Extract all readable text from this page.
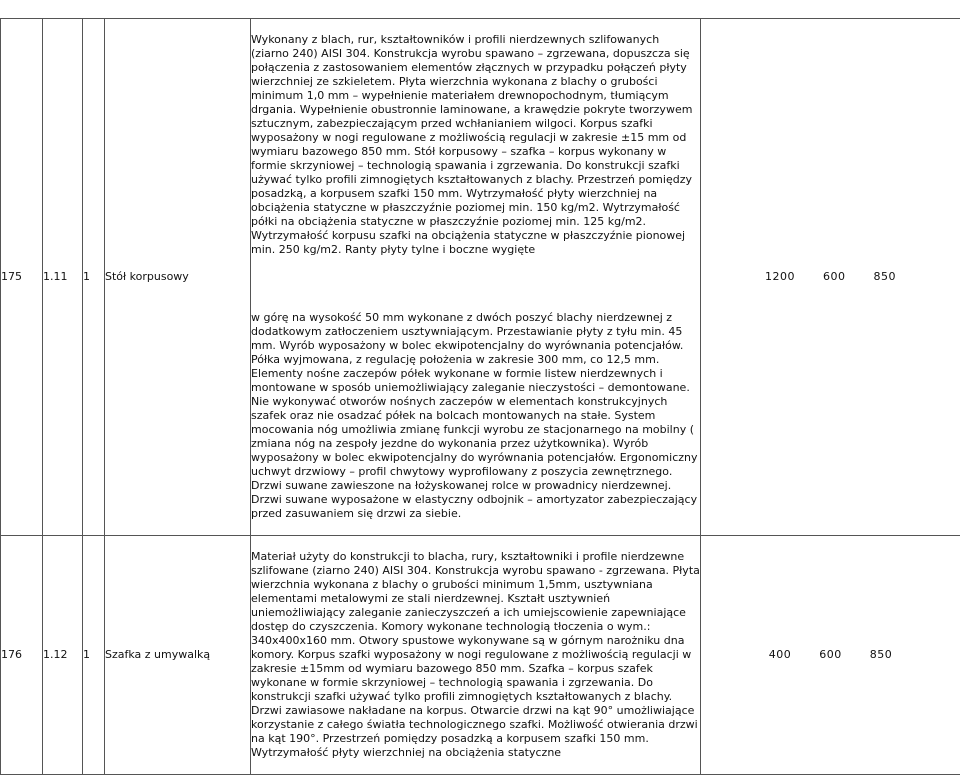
175	1.11	1	Stół korpusowy	Wykonany z blach, rur, kształtowników i profili nierdzewnych szlifowanych (ziarno 240) AISI 304. Konstrukcja wyrobu spawano – zgrzewana, dopuszcza się połączenia z zastosowaniem elementów złącznych w przypadku połączeń płyty wierzchniej ze szkieletem. Płyta wierzchnia wykonana z blachy o grubości minimum 1,0 mm – wypełnienie materiałem drewnopochodnym, tłumiącym drgania. Wypełnienie obustronnie laminowane, a krawędzie pokryte tworzywem sztucznym, zabezpieczającym przed wchłanianiem wilgoci. Korpus szafki wyposażony w nogi regulowane z możliwością regulacji w zakresie ±15 mm od wymiaru bazowego 850 mm. Stół korpusowy – szafka – korpus wykonany w formie skrzyniowej – technologią spawania i zgrzewania. Do konstrukcji szafki używać tylko profili zimnogiętych kształtowanych z blachy. Przestrzeń pomiędzy posadzką, a korpusem szafki 150 mm. Wytrzymałość płyty wierzchniej na obciążenia statyczne w płaszczyźnie poziomej min. 150 kg/m2. Wytrzymałość półki na obciążenia statyczne w płaszczyźnie poziomej min. 125 kg/m2. Wytrzymałość korpusu szafki na obciążenia statyczne w płaszczyźnie pionowej min. 250 kg/m2. Ranty płyty tylne i boczne wygięte

w górę na wysokość 50 mm wykonane z dwóch poszyć blachy nierdzewnej z dodatkowym zatłoczeniem usztywniającym. Przestawianie płyty z tyłu min. 45 mm. Wyrób wyposażony w bolec ekwipotencjalny do wyrównania potencjałów. Półka wyjmowana, z regulację położenia w zakresie 300 mm, co 12,5 mm. Elementy nośne zaczepów półek wykonane w formie listew nierdzewnych i montowane w sposób uniemożliwiający zaleganie nieczystości – demontowane. Nie wykonywać otworów nośnych zaczepów w elementach konstrukcyjnych szafek oraz nie osadzać półek na bolcach montowanych na stałe. System mocowania nóg umożliwia zmianę funkcji wyrobu ze stacjonarnego na mobilny ( zmiana nóg na zespoły jezdne do wykonania przez użytkownika). Wyrób wyposażony w bolec ekwipotencjalny do wyrównania potencjałów. Ergonomiczny uchwyt drzwiowy – profil chwytowy wyprofilowany z poszycia zewnętrznego. Drzwi suwane zawieszone na łożyskowanej rolce w prowadnicy nierdzewnej. Drzwi suwane wyposażone w elastyczny odbojnik – amortyzator zabezpieczający przed zasuwaniem się drzwi za siebie.	1200 600 850
176	1.12	1	Szafka z umywalką	Materiał użyty do konstrukcji to blacha, rury, kształtowniki i profile nierdzewne szlifowane (ziarno 240) AISI 304. Konstrukcja wyrobu spawano - zgrzewana. Płyta wierzchnia wykonana z blachy o grubości minimum 1,5mm, usztywniana elementami metalowymi ze stali nierdzewnej. Kształt usztywnień uniemożliwiający zaleganie zanieczyszczeń a ich umiejscowienie zapewniające dostęp do czyszczenia. Komory wykonane technologią tłoczenia o wym.: 340x400x160 mm. Otwory spustowe wykonywane są w górnym narożniku dna komory. Korpus szafki wyposażony w nogi regulowane z możliwością regulacji w zakresie ±15mm od wymiaru bazowego 850 mm. Szafka – korpus szafek wykonane w formie skrzyniowej – technologią spawania i zgrzewania. Do konstrukcji szafki używać tylko profili zimnogiętych kształtowanych z blachy. Drzwi zawiasowe nakładane na korpus. Otwarcie drzwi na kąt 90° umożliwiające korzystanie z całego światła technologicznego szafki. Możliwość otwierania drzwi na kąt 190°. Przestrzeń pomiędzy posadzką a korpusem szafki 150 mm. Wytrzymałość płyty wierzchniej na obciążenia statyczne	400 600 850
